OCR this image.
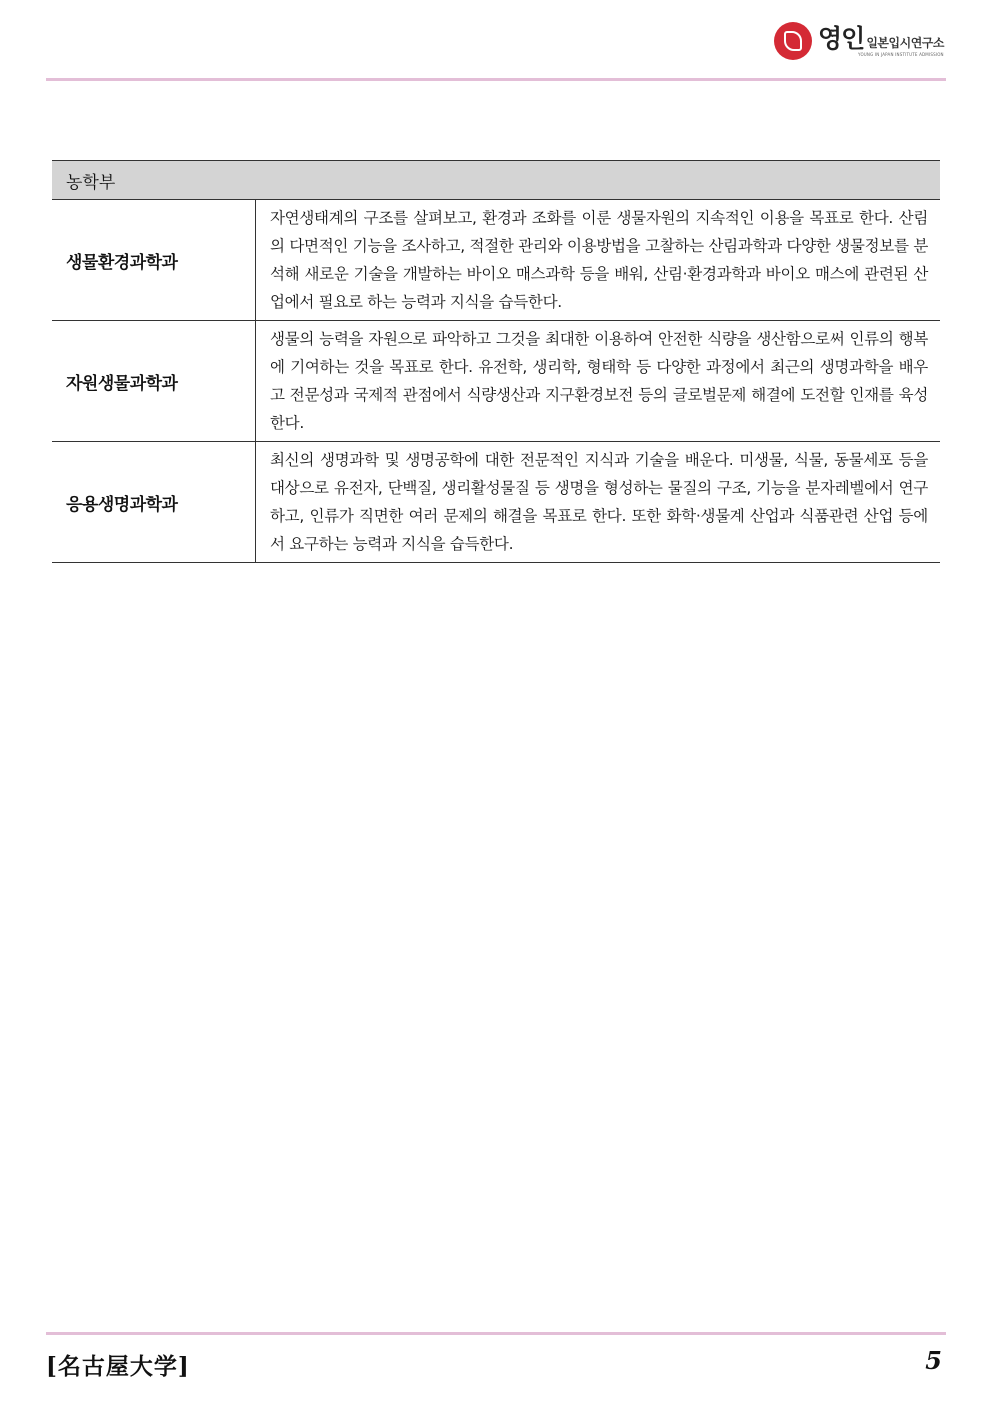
영인 일본입시연구소
YOUNG IN JAPAN INSTITUTE ADMISSION
농학부	
생물환경과학과	자연생태계의 구조를 살펴보고, 환경과 조화를 이룬 생물자원의 지속적인 이용을 목표로 한다. 산림의 다면적인 기능을 조사하고, 적절한 관리와 이용방법을 고찰하는 산림과학과 다양한 생물정보를 분석해 새로운 기술을 개발하는 바이오 매스과학 등을 배워, 산림·환경과학과 바이오 매스에 관련된 산업에서 필요로 하는 능력과 지식을 습득한다.
자원생물과학과	생물의 능력을 자원으로 파악하고 그것을 최대한 이용하여 안전한 식량을 생산함으로써 인류의 행복에 기여하는 것을 목표로 한다. 유전학, 생리학, 형태학 등 다양한 과정에서 최근의 생명과학을 배우고 전문성과 국제적 관점에서 식량생산과 지구환경보전 등의 글로벌문제 해결에 도전할 인재를 육성한다.
응용생명과학과	최신의 생명과학 및 생명공학에 대한 전문적인 지식과 기술을 배운다. 미생물, 식물, 동물세포 등을 대상으로 유전자, 단백질, 생리활성물질 등 생명을 형성하는 물질의 구조, 기능을 분자레벨에서 연구하고, 인류가 직면한 여러 문제의 해결을 목표로 한다. 또한 화학·생물계 산업과 식품관련 산업 등에서 요구하는 능력과 지식을 습득한다.
[名古屋大学]	5
